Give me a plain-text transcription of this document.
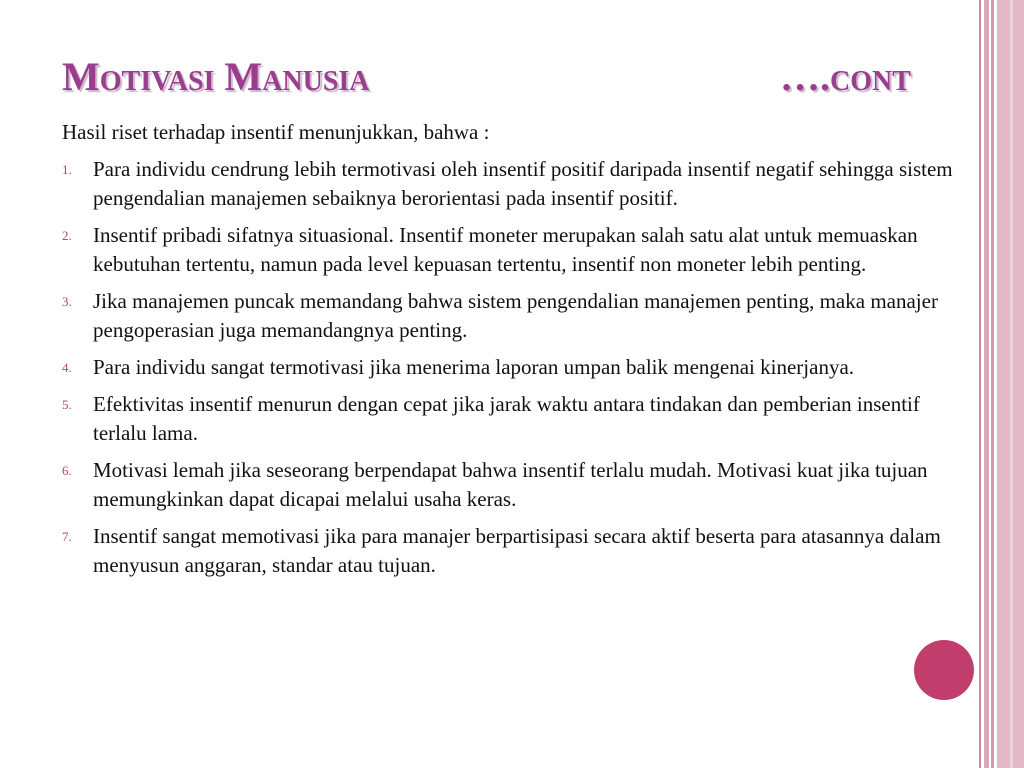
Motivasi Manusia	….cont

Hasil riset terhadap insentif menunjukkan, bahwa :

1. Para individu cendrung lebih termotivasi oleh insentif positif daripada insentif negatif sehingga sistem pengendalian manajemen sebaiknya berorientasi pada insentif positif.
2. Insentif pribadi sifatnya situasional. Insentif moneter merupakan salah satu alat untuk memuaskan kebutuhan tertentu, namun pada level kepuasan tertentu, insentif non moneter lebih penting.
3. Jika manajemen puncak memandang bahwa sistem pengendalian manajemen penting, maka manajer pengoperasian juga memandangnya penting.
4. Para individu sangat termotivasi jika menerima laporan umpan balik mengenai kinerjanya.
5. Efektivitas insentif menurun dengan cepat jika jarak waktu antara tindakan dan pemberian insentif terlalu lama.
6. Motivasi lemah jika seseorang berpendapat bahwa insentif terlalu mudah. Motivasi kuat jika tujuan memungkinkan dapat dicapai melalui usaha keras.
7. Insentif sangat memotivasi jika para manajer berpartisipasi secara aktif beserta para atasannya dalam menyusun anggaran, standar atau tujuan.
